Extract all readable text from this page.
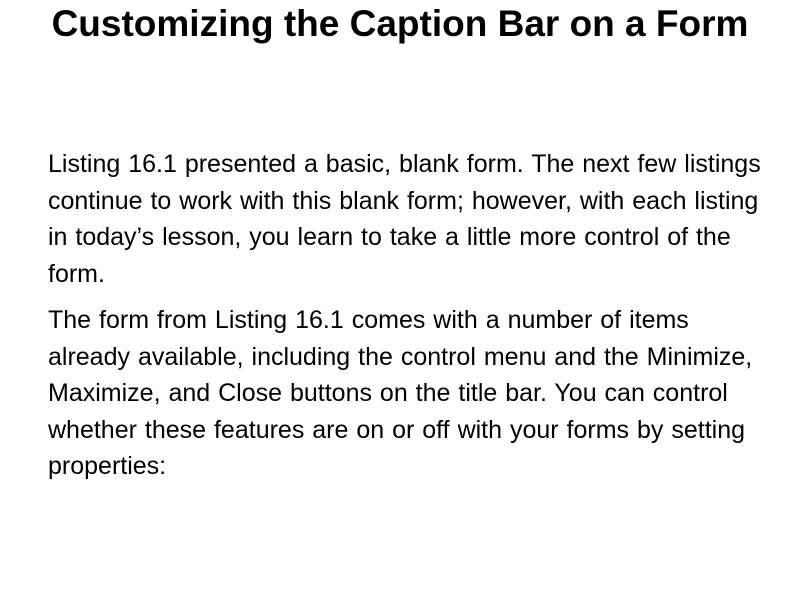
Customizing the Caption Bar on a Form

Listing 16.1 presented a basic, blank form. The next few listings continue to work with this blank form; however, with each listing in today’s lesson, you learn to take a little more control of the form.

The form from Listing 16.1 comes with a number of items already available, including the control menu and the Minimize, Maximize, and Close buttons on the title bar. You can control whether these features are on or off with your forms by setting properties:
